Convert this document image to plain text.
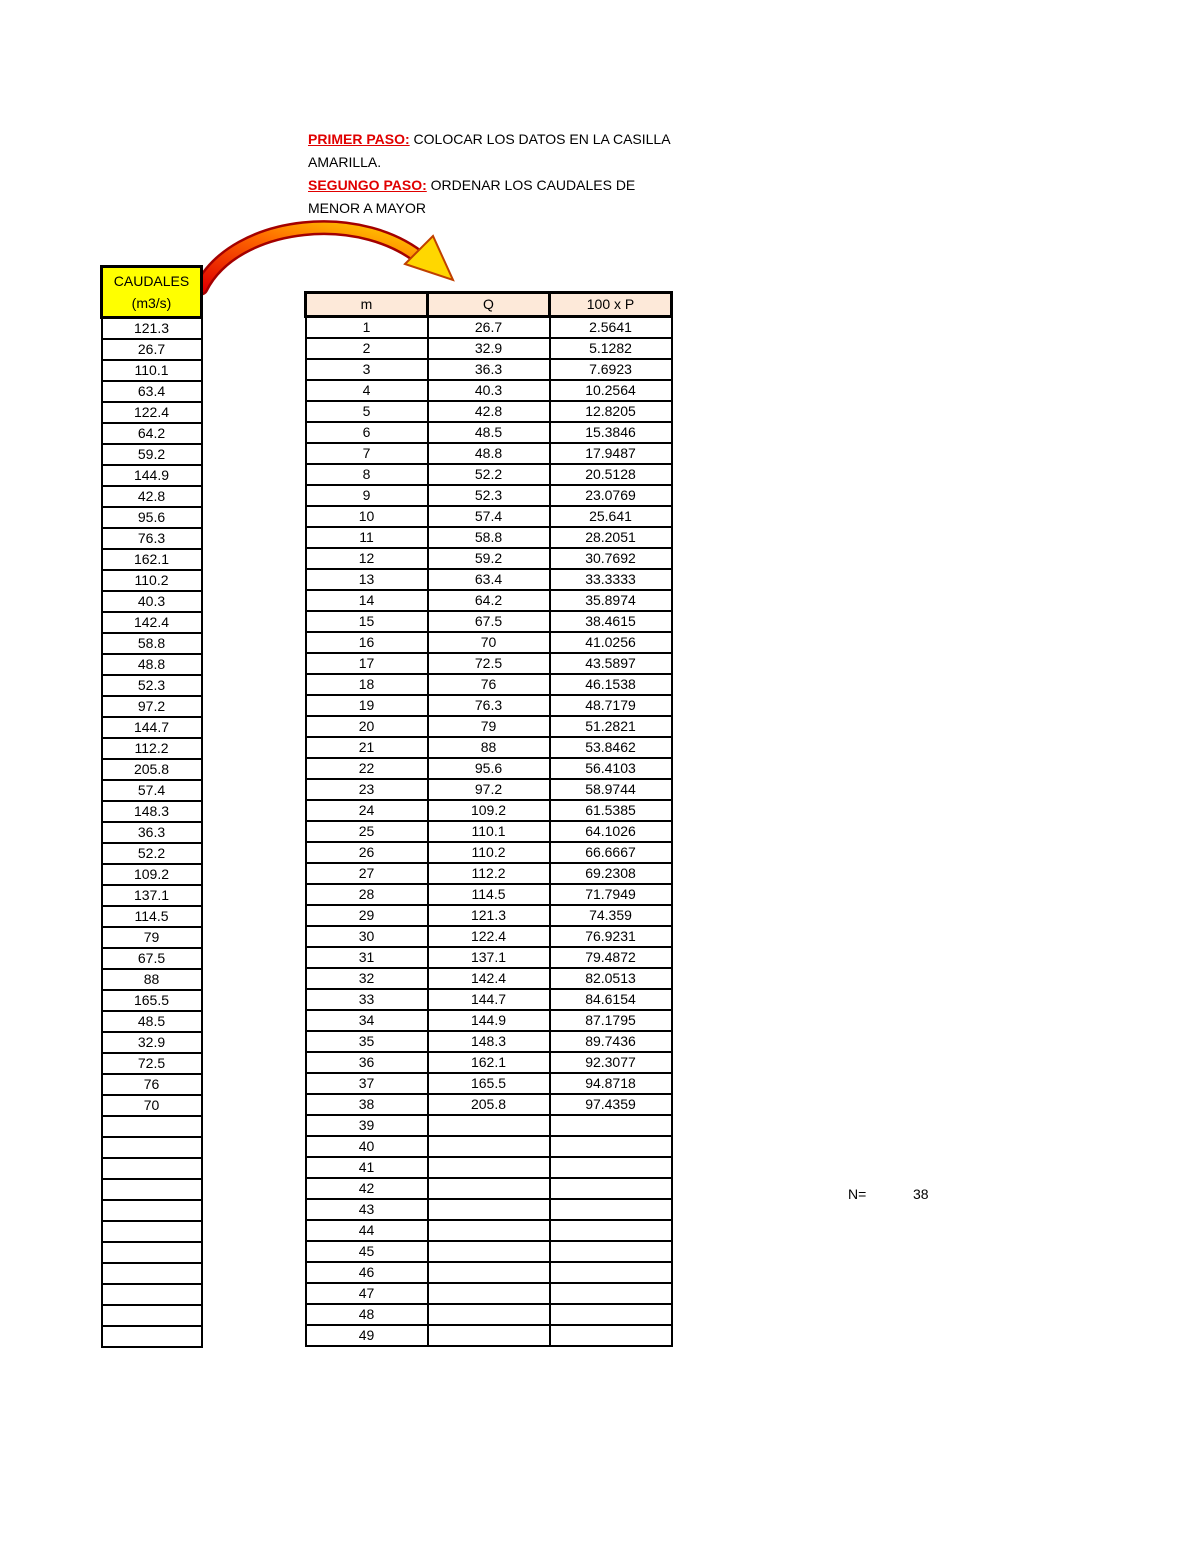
PRIMER PASO: COLOCAR LOS DATOS EN LA CASILLA AMARILLA.
SEGUNGO PASO: ORDENAR LOS CAUDALES DE MENOR A MAYOR
CAUDALES
(m3/s)
121.3
26.7
110.1
63.4
122.4
64.2
59.2
144.9
42.8
95.6
76.3
162.1
110.2
40.3
142.4
58.8
48.8
52.3
97.2
144.7
112.2
205.8
57.4
148.3
36.3
52.2
109.2
137.1
114.5
79
67.5
88
165.5
48.5
32.9
72.5
76
70

m	Q	100 x P
1	26.7	2.5641
2	32.9	5.1282
3	36.3	7.6923
4	40.3	10.2564
5	42.8	12.8205
6	48.5	15.3846
7	48.8	17.9487
8	52.2	20.5128
9	52.3	23.0769
10	57.4	25.641
11	58.8	28.2051
12	59.2	30.7692
13	63.4	33.3333
14	64.2	35.8974
15	67.5	38.4615
16	70	41.0256
17	72.5	43.5897
18	76	46.1538
19	76.3	48.7179
20	79	51.2821
21	88	53.8462
22	95.6	56.4103
23	97.2	58.9744
24	109.2	61.5385
25	110.1	64.1026
26	110.2	66.6667
27	112.2	69.2308
28	114.5	71.7949
29	121.3	74.359
30	122.4	76.9231
31	137.1	79.4872
32	142.4	82.0513
33	144.7	84.6154
34	144.9	87.1795
35	148.3	89.7436
36	162.1	92.3077
37	165.5	94.8718
38	205.8	97.4359
39		
40		
41		
42		
43		
44		
45		
46		
47		
48		
49		
N=	38
